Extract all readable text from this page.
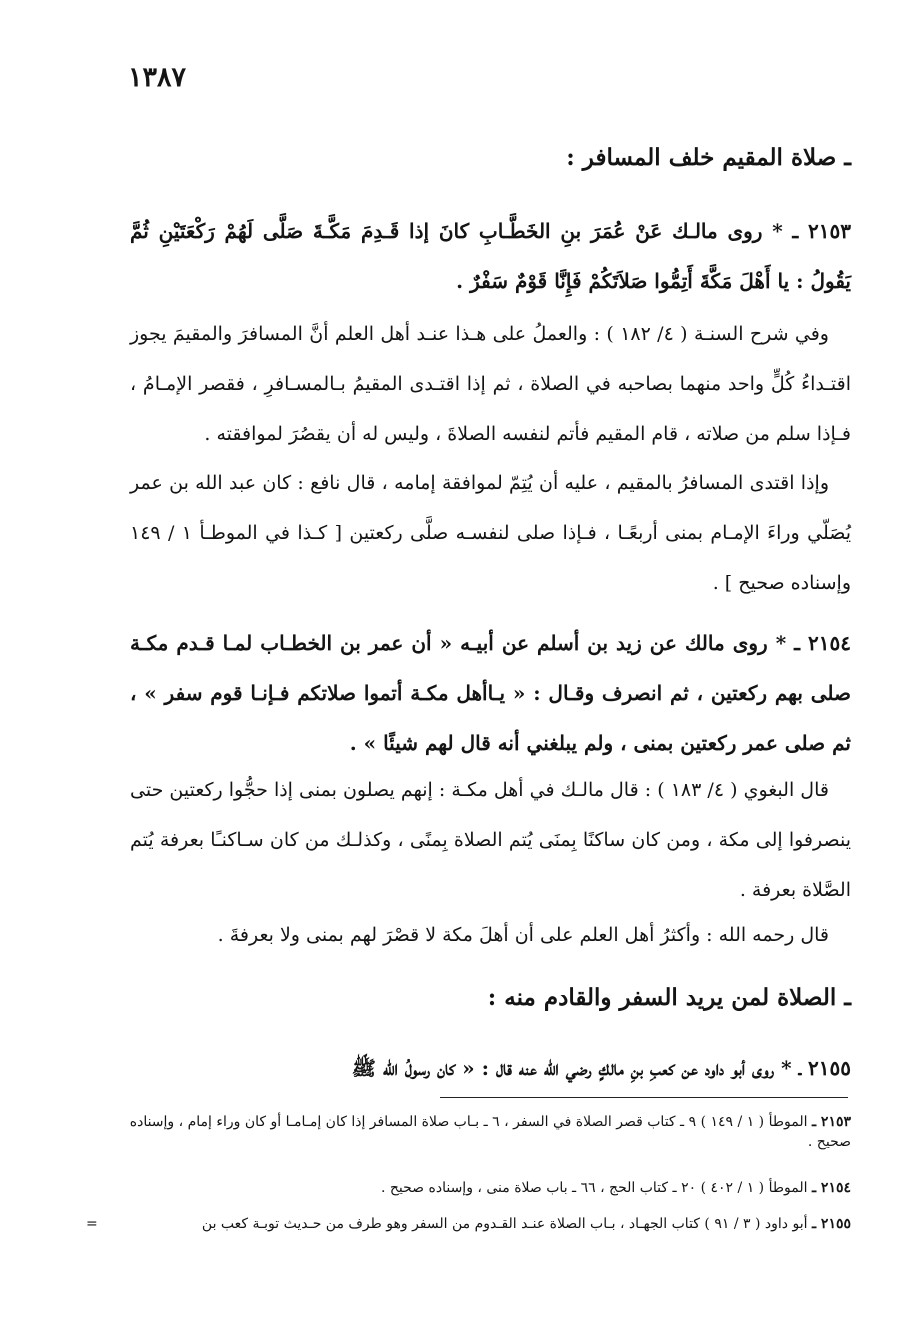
١٣٨٧
ـ صلاة المقيم خلف المسافر :
٢١٥٣ ـ * روى مالـك عَنْ عُمَرَ بنِ الخَطَّـابِ كانَ إذا قَـدِمَ مَكَّـةَ صَلَّى لَهُمْ رَكْعَتَيْنِ ثُمَّ يَقُولُ : يا أَهْلَ مَكَّةَ أَتِمُّوا صَلاَتَكُمْ فَإِنَّا قَوْمٌ سَفْرٌ .

وفي شرح السنـة ( ٤/ ١٨٢ ) : والعملُ على هـذا عنـد أهل العلم أنَّ المسافرَ والمقيمَ يجوز اقتـداءُ كُلٍّ واحد منهما بصاحبه في الصلاة ، ثم إذا اقتـدى المقيمُ بـالمسـافرِ ، فقصر الإمـامُ ، فـإذا سلم من صلاته ، قام المقيم فأتم لنفسه الصلاةَ ، وليس له أن يقصُرَ لموافقته .

وإذا اقتدى المسافرُ بالمقيم ، عليه أن يُتِمّ لموافقة إمامه ، قال نافع : كان عبد الله بن عمر يُصَلّي وراءَ الإمـام بمنى أربعًـا ، فـإذا صلى لنفسـه صلَّى ركعتين [ كـذا في الموطـأ ١ / ١٤٩ وإسناده صحيح ] .

٢١٥٤ ـ * روى مالك عن زيد بن أسلم عن أبيـه « أن عمر بن الخطـاب لمـا قـدم مكـة صلى بهم ركعتين ، ثم انصرف وقـال : « يـاأهل مكـة أتموا صلاتكم فـإنـا قوم سفر » ، ثم صلى عمر ركعتين بمنى ، ولم يبلغني أنه قال لهم شيئًا » .

قال البغوي ( ٤/ ١٨٣ ) : قال مالـك في أهل مكـة : إنهم يصلون بمنى إذا حجُّوا ركعتين حتى ينصرفوا إلى مكة ، ومن كان ساكنًا بِمنَى يُتم الصلاة بِمنًى ، وكذلـك من كان سـاكنـًا بعرفة يُتم الصَّلاة بعرفة .

قال رحمه الله : وأكثرُ أهل العلم على أن أهلَ مكة لا قصْرَ لهم بمنى ولا بعرفةَ .

ـ الصلاة لمن يريد السفر والقادم منه :
٢١٥٥ ـ * روى أبو داود عن كعبِ بنِ مالكٍ رضي الله عنه قال : « كان رسولُ الله ﷺ
٢١٥٣ ـ الموطأ ( ١ / ١٤٩ ) ٩ ـ كتاب قصر الصلاة في السفر ، ٦ ـ بـاب صلاة المسافر إذا كان إمـامـا أو كان وراء إمام ، وإسناده صحيح .
٢١٥٤ ـ الموطأ ( ١ / ٤٠٢ ) ٢٠ ـ كتاب الحج ، ٦٦ ـ باب صلاة منى ، وإسناده صحيح .
٢١٥٥ ـ أبو داود ( ٣ / ٩١ ) كتاب الجهـاد ، بـاب الصلاة عنـد القـدوم من السفر وهو طرف من حـديث توبـة كعب بن
=
